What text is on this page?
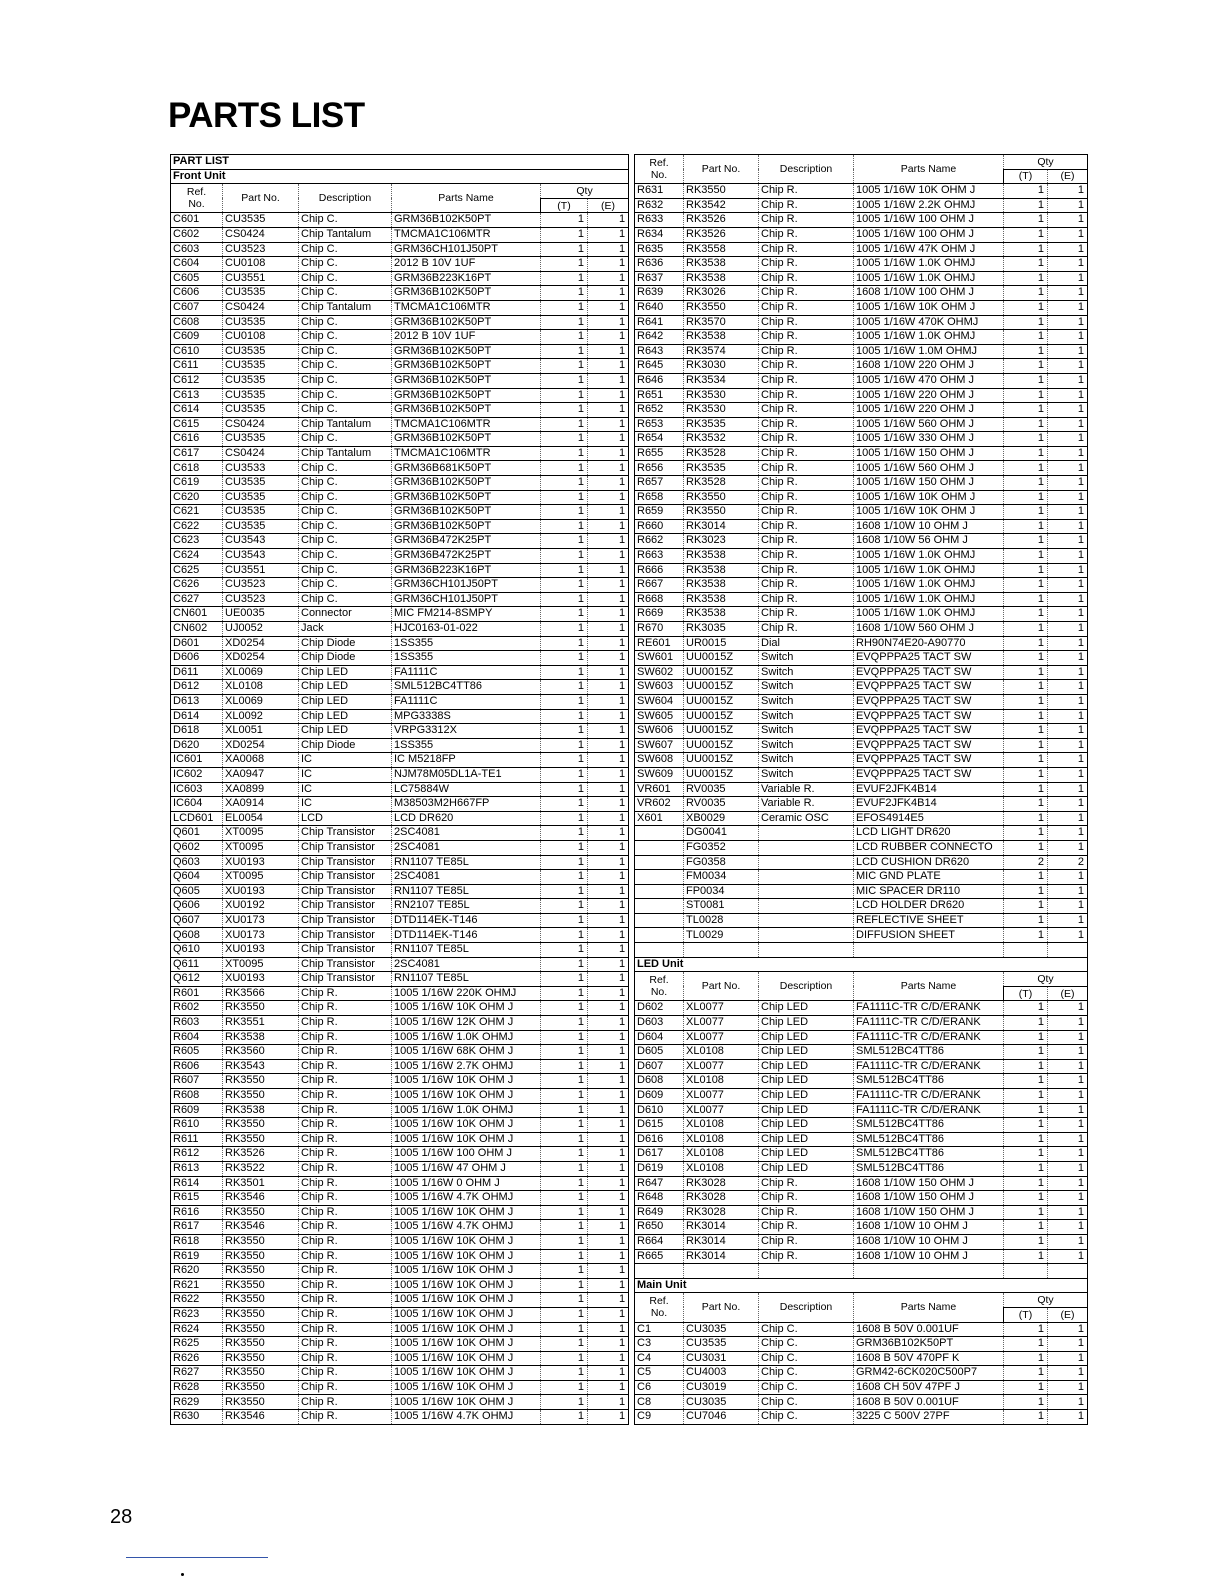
PARTS LIST
PART LIST					
Front Unit					
Ref.
No.	Part No.	Description	Parts Name	Qty	
				(T)	(E)
C601	CU3535	Chip C.	GRM36B102K50PT	1	1
C602	CS0424	Chip Tantalum	TMCMA1C106MTR	1	1
C603	CU3523	Chip C.	GRM36CH101J50PT	1	1
C604	CU0108	Chip C.	2012 B 10V 1UF	1	1
C605	CU3551	Chip C.	GRM36B223K16PT	1	1
C606	CU3535	Chip C.	GRM36B102K50PT	1	1
C607	CS0424	Chip Tantalum	TMCMA1C106MTR	1	1
C608	CU3535	Chip C.	GRM36B102K50PT	1	1
C609	CU0108	Chip C.	2012 B 10V 1UF	1	1
C610	CU3535	Chip C.	GRM36B102K50PT	1	1
C611	CU3535	Chip C.	GRM36B102K50PT	1	1
C612	CU3535	Chip C.	GRM36B102K50PT	1	1
C613	CU3535	Chip C.	GRM36B102K50PT	1	1
C614	CU3535	Chip C.	GRM36B102K50PT	1	1
C615	CS0424	Chip Tantalum	TMCMA1C106MTR	1	1
C616	CU3535	Chip C.	GRM36B102K50PT	1	1
C617	CS0424	Chip Tantalum	TMCMA1C106MTR	1	1
C618	CU3533	Chip C.	GRM36B681K50PT	1	1
C619	CU3535	Chip C.	GRM36B102K50PT	1	1
C620	CU3535	Chip C.	GRM36B102K50PT	1	1
C621	CU3535	Chip C.	GRM36B102K50PT	1	1
C622	CU3535	Chip C.	GRM36B102K50PT	1	1
C623	CU3543	Chip C.	GRM36B472K25PT	1	1
C624	CU3543	Chip C.	GRM36B472K25PT	1	1
C625	CU3551	Chip C.	GRM36B223K16PT	1	1
C626	CU3523	Chip C.	GRM36CH101J50PT	1	1
C627	CU3523	Chip C.	GRM36CH101J50PT	1	1
CN601	UE0035	Connector	MIC FM214-8SMPY	1	1
CN602	UJ0052	Jack	HJC0163-01-022	1	1
D601	XD0254	Chip Diode	1SS355	1	1
D606	XD0254	Chip Diode	1SS355	1	1
D611	XL0069	Chip LED	FA1111C	1	1
D612	XL0108	Chip LED	SML512BC4TT86	1	1
D613	XL0069	Chip LED	FA1111C	1	1
D614	XL0092	Chip LED	MPG3338S	1	1
D618	XL0051	Chip LED	VRPG3312X	1	1
D620	XD0254	Chip Diode	1SS355	1	1
IC601	XA0068	IC	IC M5218FP	1	1
IC602	XA0947	IC	NJM78M05DL1A-TE1	1	1
IC603	XA0899	IC	LC75884W	1	1
IC604	XA0914	IC	M38503M2H667FP	1	1
LCD601	EL0054	LCD	LCD DR620	1	1
Q601	XT0095	Chip Transistor	2SC4081	1	1
Q602	XT0095	Chip Transistor	2SC4081	1	1
Q603	XU0193	Chip Transistor	RN1107 TE85L	1	1
Q604	XT0095	Chip Transistor	2SC4081	1	1
Q605	XU0193	Chip Transistor	RN1107 TE85L	1	1
Q606	XU0192	Chip Transistor	RN2107 TE85L	1	1
Q607	XU0173	Chip Transistor	DTD114EK-T146	1	1
Q608	XU0173	Chip Transistor	DTD114EK-T146	1	1
Q610	XU0193	Chip Transistor	RN1107 TE85L	1	1
Q611	XT0095	Chip Transistor	2SC4081	1	1
Q612	XU0193	Chip Transistor	RN1107 TE85L	1	1
R601	RK3566	Chip R.	1005 1/16W 220K OHMJ	1	1
R602	RK3550	Chip R.	1005 1/16W 10K OHM J	1	1
R603	RK3551	Chip R.	1005 1/16W 12K OHM J	1	1
R604	RK3538	Chip R.	1005 1/16W 1.0K OHMJ	1	1
R605	RK3560	Chip R.	1005 1/16W 68K OHM J	1	1
R606	RK3543	Chip R.	1005 1/16W 2.7K OHMJ	1	1
R607	RK3550	Chip R.	1005 1/16W 10K OHM J	1	1
R608	RK3550	Chip R.	1005 1/16W 10K OHM J	1	1
R609	RK3538	Chip R.	1005 1/16W 1.0K OHMJ	1	1
R610	RK3550	Chip R.	1005 1/16W 10K OHM J	1	1
R611	RK3550	Chip R.	1005 1/16W 10K OHM J	1	1
R612	RK3526	Chip R.	1005 1/16W 100 OHM J	1	1
R613	RK3522	Chip R.	1005 1/16W 47 OHM J	1	1
R614	RK3501	Chip R.	1005 1/16W 0 OHM J	1	1
R615	RK3546	Chip R.	1005 1/16W 4.7K OHMJ	1	1
R616	RK3550	Chip R.	1005 1/16W 10K OHM J	1	1
R617	RK3546	Chip R.	1005 1/16W 4.7K OHMJ	1	1
R618	RK3550	Chip R.	1005 1/16W 10K OHM J	1	1
R619	RK3550	Chip R.	1005 1/16W 10K OHM J	1	1
R620	RK3550	Chip R.	1005 1/16W 10K OHM J	1	1
R621	RK3550	Chip R.	1005 1/16W 10K OHM J	1	1
R622	RK3550	Chip R.	1005 1/16W 10K OHM J	1	1
R623	RK3550	Chip R.	1005 1/16W 10K OHM J	1	1
R624	RK3550	Chip R.	1005 1/16W 10K OHM J	1	1
R625	RK3550	Chip R.	1005 1/16W 10K OHM J	1	1
R626	RK3550	Chip R.	1005 1/16W 10K OHM J	1	1
R627	RK3550	Chip R.	1005 1/16W 10K OHM J	1	1
R628	RK3550	Chip R.	1005 1/16W 10K OHM J	1	1
R629	RK3550	Chip R.	1005 1/16W 10K OHM J	1	1
R630	RK3546	Chip R.	1005 1/16W 4.7K OHMJ	1	1
Ref.
No.	Part No.	Description	Parts Name	Qty	
				(T)	(E)
R631	RK3550	Chip R.	1005 1/16W 10K OHM J	1	1
R632	RK3542	Chip R.	1005 1/16W 2.2K OHMJ	1	1
R633	RK3526	Chip R.	1005 1/16W 100 OHM J	1	1
R634	RK3526	Chip R.	1005 1/16W 100 OHM J	1	1
R635	RK3558	Chip R.	1005 1/16W 47K OHM J	1	1
R636	RK3538	Chip R.	1005 1/16W 1.0K OHMJ	1	1
R637	RK3538	Chip R.	1005 1/16W 1.0K OHMJ	1	1
R639	RK3026	Chip R.	1608 1/10W 100 OHM J	1	1
R640	RK3550	Chip R.	1005 1/16W 10K OHM J	1	1
R641	RK3570	Chip R.	1005 1/16W 470K OHMJ	1	1
R642	RK3538	Chip R.	1005 1/16W 1.0K OHMJ	1	1
R643	RK3574	Chip R.	1005 1/16W 1.0M OHMJ	1	1
R645	RK3030	Chip R.	1608 1/10W 220 OHM J	1	1
R646	RK3534	Chip R.	1005 1/16W 470 OHM J	1	1
R651	RK3530	Chip R.	1005 1/16W 220 OHM J	1	1
R652	RK3530	Chip R.	1005 1/16W 220 OHM J	1	1
R653	RK3535	Chip R.	1005 1/16W 560 OHM J	1	1
R654	RK3532	Chip R.	1005 1/16W 330 OHM J	1	1
R655	RK3528	Chip R.	1005 1/16W 150 OHM J	1	1
R656	RK3535	Chip R.	1005 1/16W 560 OHM J	1	1
R657	RK3528	Chip R.	1005 1/16W 150 OHM J	1	1
R658	RK3550	Chip R.	1005 1/16W 10K OHM J	1	1
R659	RK3550	Chip R.	1005 1/16W 10K OHM J	1	1
R660	RK3014	Chip R.	1608 1/10W 10 OHM J	1	1
R662	RK3023	Chip R.	1608 1/10W 56 OHM J	1	1
R663	RK3538	Chip R.	1005 1/16W 1.0K OHMJ	1	1
R666	RK3538	Chip R.	1005 1/16W 1.0K OHMJ	1	1
R667	RK3538	Chip R.	1005 1/16W 1.0K OHMJ	1	1
R668	RK3538	Chip R.	1005 1/16W 1.0K OHMJ	1	1
R669	RK3538	Chip R.	1005 1/16W 1.0K OHMJ	1	1
R670	RK3035	Chip R.	1608 1/10W 560 OHM J	1	1
RE601	UR0015	Dial	RH90N74E20-A90770	1	1
SW601	UU0015Z	Switch	EVQPPPA25 TACT SW	1	1
SW602	UU0015Z	Switch	EVQPPPA25 TACT SW	1	1
SW603	UU0015Z	Switch	EVQPPPA25 TACT SW	1	1
SW604	UU0015Z	Switch	EVQPPPA25 TACT SW	1	1
SW605	UU0015Z	Switch	EVQPPPA25 TACT SW	1	1
SW606	UU0015Z	Switch	EVQPPPA25 TACT SW	1	1
SW607	UU0015Z	Switch	EVQPPPA25 TACT SW	1	1
SW608	UU0015Z	Switch	EVQPPPA25 TACT SW	1	1
SW609	UU0015Z	Switch	EVQPPPA25 TACT SW	1	1
VR601	RV0035	Variable R.	EVUF2JFK4B14	1	1
VR602	RV0035	Variable R.	EVUF2JFK4B14	1	1
X601	XB0029	Ceramic OSC	EFOS4914E5	1	1
	DG0041		LCD LIGHT DR620	1	1
	FG0352		LCD RUBBER CONNECTO	1	1
	FG0358		LCD CUSHION DR620	2	2
	FM0034		MIC GND PLATE	1	1
	FP0034		MIC SPACER DR110	1	1
	ST0081		LCD HOLDER DR620	1	1
	TL0028		REFLECTIVE SHEET	1	1
	TL0029		DIFFUSION SHEET	1	1

LED Unit					
Ref.
No.	Part No.	Description	Parts Name	Qty	
				(T)	(E)
D602	XL0077	Chip LED	FA1111C-TR C/D/ERANK	1	1
D603	XL0077	Chip LED	FA1111C-TR C/D/ERANK	1	1
D604	XL0077	Chip LED	FA1111C-TR C/D/ERANK	1	1
D605	XL0108	Chip LED	SML512BC4TT86	1	1
D607	XL0077	Chip LED	FA1111C-TR C/D/ERANK	1	1
D608	XL0108	Chip LED	SML512BC4TT86	1	1
D609	XL0077	Chip LED	FA1111C-TR C/D/ERANK	1	1
D610	XL0077	Chip LED	FA1111C-TR C/D/ERANK	1	1
D615	XL0108	Chip LED	SML512BC4TT86	1	1
D616	XL0108	Chip LED	SML512BC4TT86	1	1
D617	XL0108	Chip LED	SML512BC4TT86	1	1
D619	XL0108	Chip LED	SML512BC4TT86	1	1
R647	RK3028	Chip R.	1608 1/10W 150 OHM J	1	1
R648	RK3028	Chip R.	1608 1/10W 150 OHM J	1	1
R649	RK3028	Chip R.	1608 1/10W 150 OHM J	1	1
R650	RK3014	Chip R.	1608 1/10W 10 OHM J	1	1
R664	RK3014	Chip R.	1608 1/10W 10 OHM J	1	1
R665	RK3014	Chip R.	1608 1/10W 10 OHM J	1	1

Main Unit					
Ref.
No.	Part No.	Description	Parts Name	Qty	
				(T)	(E)
C1	CU3035	Chip C.	1608 B 50V 0.001UF	1	1
C3	CU3535	Chip C.	GRM36B102K50PT	1	1
C4	CU3031	Chip C.	1608 B 50V 470PF K	1	1
C5	CU4003	Chip C.	GRM42-6CK020C500P7	1	1
C6	CU3019	Chip C.	1608 CH 50V 47PF J	1	1
C8	CU3035	Chip C.	1608 B 50V 0.001UF	1	1
C9	CU7046	Chip C.	3225 C 500V 27PF	1	1
28
